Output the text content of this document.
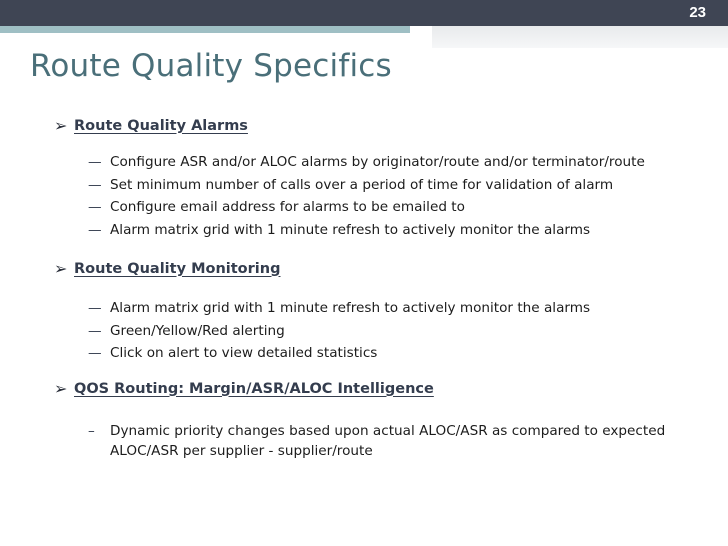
23
Route Quality Specifics
➢ Route Quality Alarms
— Configure ASR and/or ALOC alarms by originator/route and/or terminator/route
— Set minimum number of calls over a period of time for validation of alarm
— Configure email address for alarms to be emailed to
— Alarm matrix grid with 1 minute refresh to actively monitor the alarms
➢ Route Quality Monitoring
— Alarm matrix grid with 1 minute refresh to actively monitor the alarms
— Green/Yellow/Red alerting
— Click on alert to view detailed statistics
➢ QOS Routing: Margin/ASR/ALOC Intelligence
– Dynamic priority changes based upon actual ALOC/ASR as compared to expected ALOC/ASR per supplier - supplier/route
